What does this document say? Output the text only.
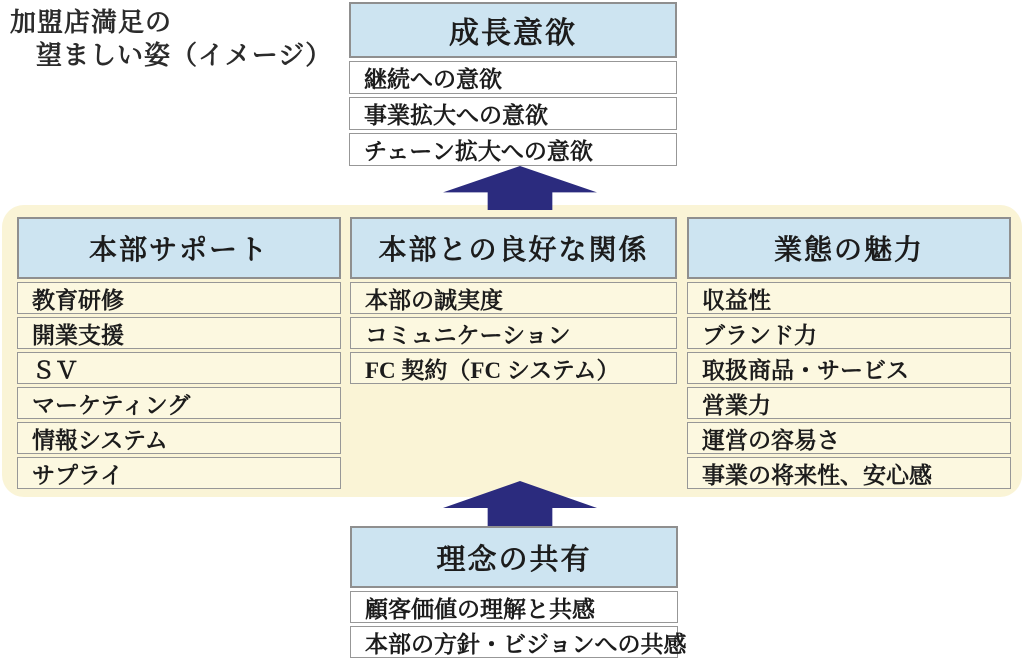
加盟店満足の
望ましい姿（イメージ）
成長意欲
継続への意欲
事業拡大への意欲
チェーン拡大への意欲
本部サポート
教育研修
開業支援
ＳＶ
マーケティング
情報システム
サプライ
本部との良好な関係
本部の誠実度
コミュニケーション
FC 契約（FC システム）
業態の魅力
収益性
ブランド力
取扱商品・サービス
営業力
運営の容易さ
事業の将来性、安心感
理念の共有
顧客価値の理解と共感
本部の方針・ビジョンへの共感
